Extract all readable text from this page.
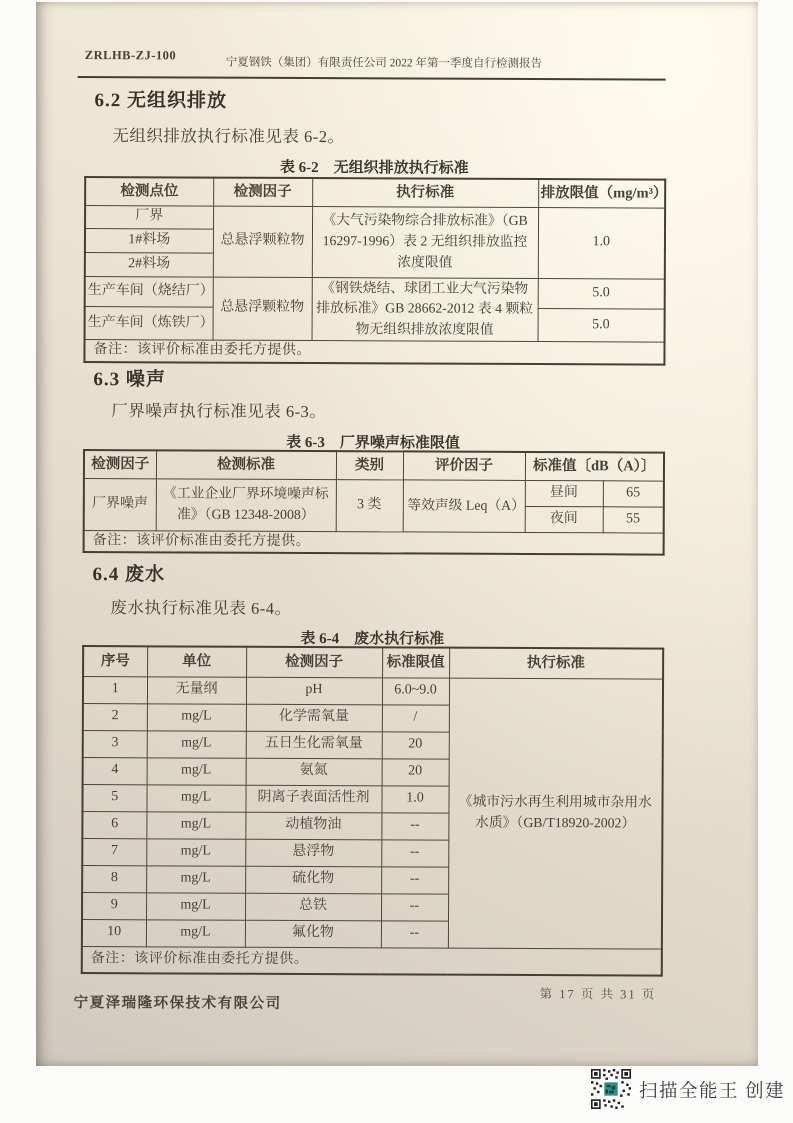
ZRLHB-ZJ-100
宁夏钢铁（集团）有限责任公司 2022 年第一季度自行检测报告
6.2 无组织排放

无组织排放执行标准见表 6-2。

表 6-2　无组织排放执行标准
检测点位	检测因子	执行标准	排放限值（mg/m³）
厂界	总悬浮颗粒物	《大气污染物综合排放标准》（GB 16297-1996）表 2 无组织排放监控浓度限值	1.0
1#料场			
2#料场			
生产车间（烧结厂）	总悬浮颗粒物	《钢铁烧结、球团工业大气污染物排放标准》GB 28662-2012 表 4 颗粒物无组织排放浓度限值	5.0
生产车间（炼铁厂）			5.0
备注：该评价标准由委托方提供。			
6.3 噪声

厂界噪声执行标准见表 6-3。

表 6-3　厂界噪声标准限值
检测因子	检测标准	类别	评价因子	标准值〔dB（A）〕	
厂界噪声	《工业企业厂界环境噪声标准》（GB 12348-2008）	3 类	等效声级 Leq（A）	昼间	65
				夜间	55
备注：该评价标准由委托方提供。					
6.4 废水

废水执行标准见表 6-4。

表 6-4　废水执行标准
序号	单位	检测因子	标准限值	执行标准
1	无量纲	pH	6.0~9.0	《城市污水再生利用城市杂用水水质》（GB/T18920-2002）
2	mg/L	化学需氧量	/	
3	mg/L	五日生化需氧量	20	
4	mg/L	氨氮	20	
5	mg/L	阴离子表面活性剂	1.0	
6	mg/L	动植物油	--	
7	mg/L	悬浮物	--	
8	mg/L	硫化物	--	
9	mg/L	总铁	--	
10	mg/L	氟化物	--	
备注：该评价标准由委托方提供。				
宁夏泽瑞隆环保技术有限公司
第 17 页 共 31 页
扫描全能王 创建
